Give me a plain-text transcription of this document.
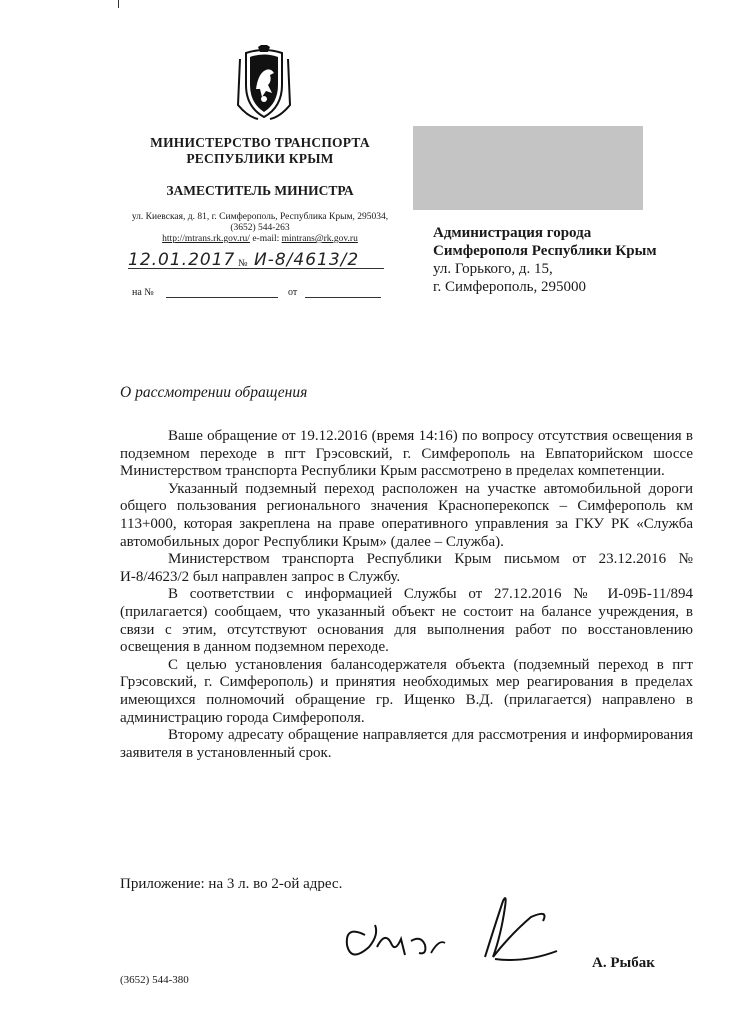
МИНИСТЕРСТВО ТРАНСПОРТА
РЕСПУБЛИКИ КРЫМ
ЗАМЕСТИТЕЛЬ МИНИСТРА
ул. Киевская, д. 81, г. Симферополь, Республика Крым, 295034,
(3652) 544-263
http://mtrans.rk.gov.ru/ e-mail: mintrans@rk.gov.ru
12.01.2017 № И-8/4613/2
на №	от
Администрация города
Симферополя Республики Крым
ул. Горького, д. 15,
г. Симферополь, 295000
О рассмотрении обращения

Ваше обращение от 19.12.2016 (время 14:16) по вопросу отсутствия освещения в подземном переходе в пгт Грэсовский, г. Симферополь на Евпаторийском шоссе Министерством транспорта Республики Крым рассмотрено в пределах компетенции.

Указанный подземный переход расположен на участке автомобильной дороги общего пользования регионального значения Красноперекопск – Симферополь км 113+000, которая закреплена на праве оперативного управления за ГКУ РК «Служба автомобильных дорог Республики Крым» (далее – Служба).

Министерством транспорта Республики Крым письмом от 23.12.2016 № И-8/4623/2 был направлен запрос в Службу.

В соответствии с информацией Службы от 27.12.2016 № И-09Б-11/894 (прилагается) сообщаем, что указанный объект не состоит на балансе учреждения, в связи с этим, отсутствуют основания для выполнения работ по восстановлению освещения в данном подземном переходе.

С целью установления балансодержателя объекта (подземный переход в пгт Грэсовский, г. Симферополь) и принятия необходимых мер реагирования в пределах имеющихся полномочий обращение гр. Ищенко В.Д. (прилагается) направлено в администрацию города Симферополя.

Второму адресату обращение направляется для рассмотрения и информирования заявителя в установленный срок.

Приложение: на 3 л. во 2-ой адрес.
А. Рыбак
(3652) 544-380
